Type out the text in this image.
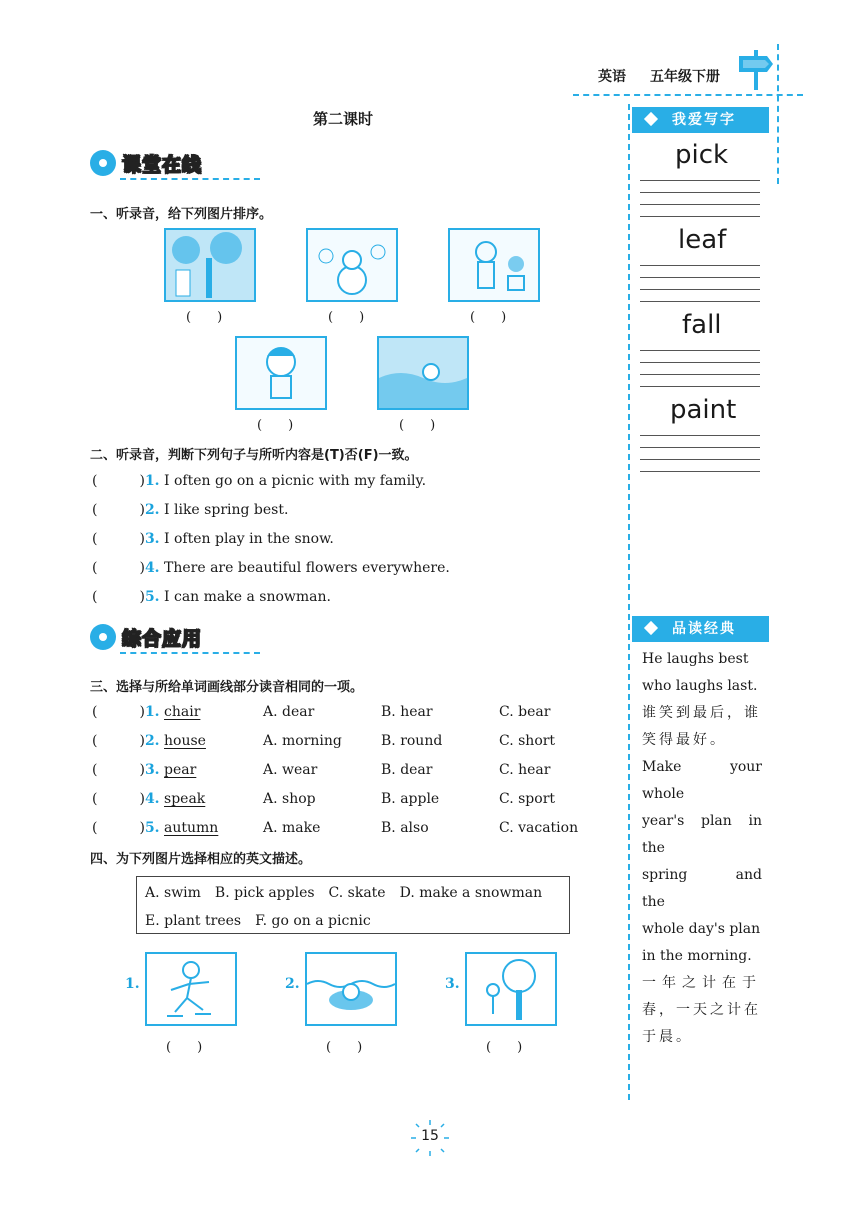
英语 五年级下册
第二课时
课堂在线
一、听录音，给下列图片排序。
(　　)	(　　)	(　　)
(　　)	(　　)
二、听录音，判断下列句子与所听内容是(T)否(F)一致。
(　　　)1. I often go on a picnic with my family.
(　　　)2. I like spring best.
(　　　)3. I often play in the snow.
(　　　)4. There are beautiful flowers everywhere.
(　　　)5. I can make a snowman.
综合应用
三、选择与所给单词画线部分读音相同的一项。
(　　　)1. chair	A. dear	B. hear	C. bear
(　　　)2. house	A. morning	B. round	C. short
(　　　)3. pear	A. wear	B. dear	C. hear
(　　　)4. speak	A. shop	B. apple	C. sport
(　　　)5. autumn	A. make	B. also	C. vacation
四、为下列图片选择相应的英文描述。
A. swim　B. pick apples　C. skate　D. make a snowman
E. plant trees　F. go on a picnic
1.	2.	3.
(　　)	(　　)	(　　)
我爱写字
pick
leaf
fall
paint
品读经典
He laughs best
who laughs last.
谁笑到最后，谁
笑得最好。
Make your whole
year's plan in the
spring and the
whole day's plan
in the morning.
一年之计在于
春，一天之计在
于晨。
15
